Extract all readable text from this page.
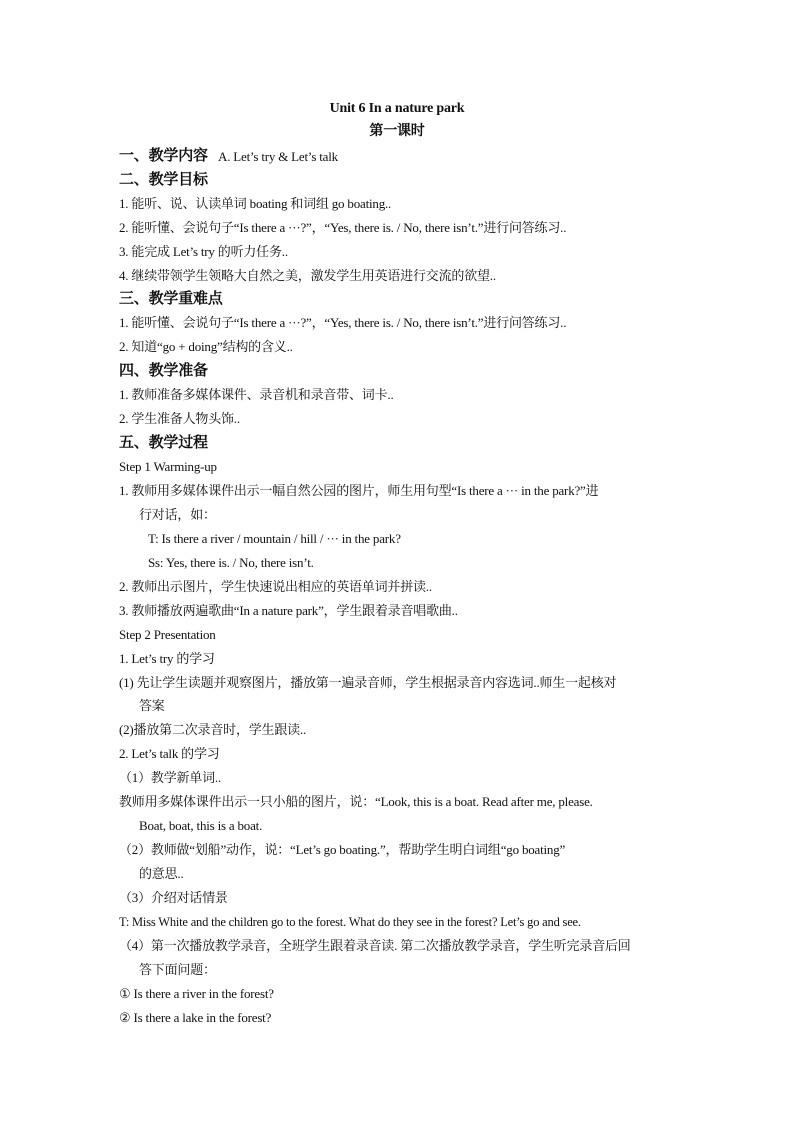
Unit 6 In a nature park
第一课时
一、教学内容 A. Let’s try & Let’s talk
二、教学目标
1. 能听、说、认读单词 boating 和词组 go boating..
2. 能听懂、会说句子“Is there a ···?”，“Yes, there is. / No, there isn’t.”进行问答练习..
3. 能完成 Let’s try 的听力任务..
4. 继续带领学生领略大自然之美，激发学生用英语进行交流的欲望..
三、教学重难点
1. 能听懂、会说句子“Is there a ···?”，“Yes, there is. / No, there isn’t.”进行问答练习..
2. 知道“go + doing”结构的含义..
四、教学准备
1. 教师准备多媒体课件、录音机和录音带、词卡..
2. 学生准备人物头饰..
五、教学过程
Step 1 Warming-up
1. 教师用多媒体课件出示一幅自然公园的图片，师生用句型“Is there a ··· in the park?”进
行对话，如：
T: Is there a river / mountain / hill / ··· in the park?
Ss: Yes, there is. / No, there isn’t.
2. 教师出示图片，学生快速说出相应的英语单词并拼读..
3. 教师播放两遍歌曲“In a nature park”，学生跟着录音唱歌曲..
Step 2 Presentation
1. Let’s try 的学习
(1) 先让学生读题并观察图片，播放第一遍录音师，学生根据录音内容选词..师生一起核对
答案
(2)播放第二次录音时，学生跟读..
2. Let’s talk 的学习
（1）教学新单词..
教师用多媒体课件出示一只小船的图片，说：“Look, this is a boat. Read after me, please.
Boat, boat, this is a boat.
（2）教师做“划船”动作，说：“Let’s go boating.”，帮助学生明白词组“go boating”
的意思..
（3）介绍对话情景
T: Miss White and the children go to the forest. What do they see in the forest? Let’s go and see.
（4）第一次播放教学录音，全班学生跟着录音读. 第二次播放教学录音，学生听完录音后回
答下面问题：
① Is there a river in the forest?
② Is there a lake in the forest?
